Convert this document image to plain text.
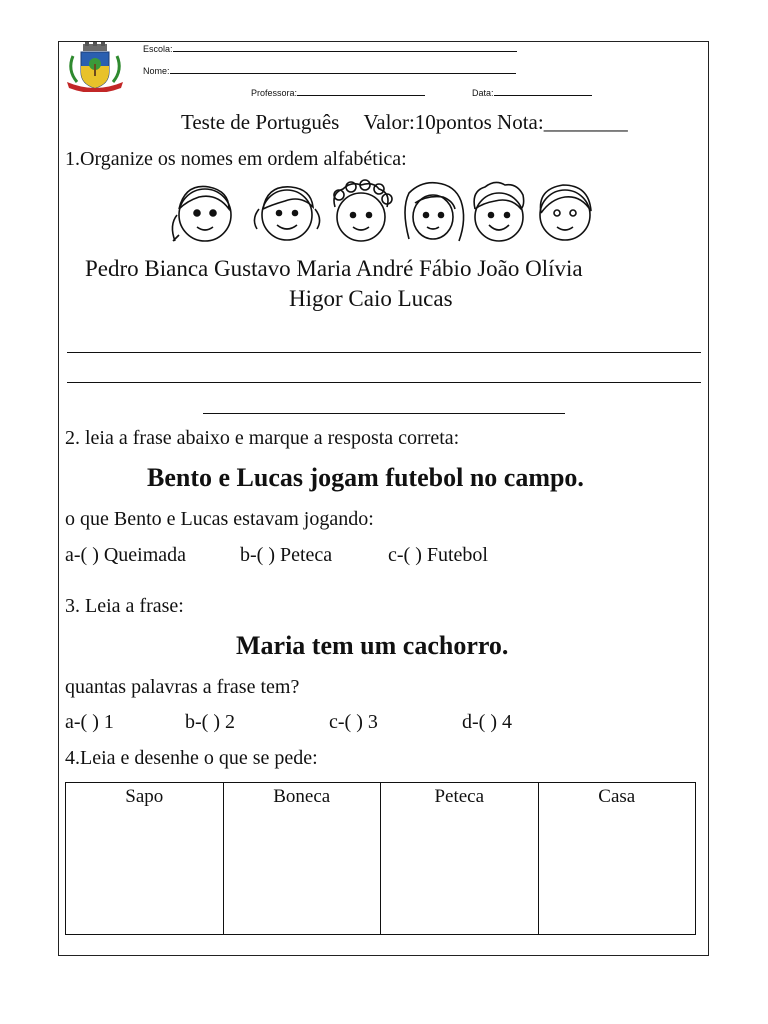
Escola:
Nome:
Professora:	Data:
Teste de Português Valor:10pontos Nota:________
1.Organize os nomes em ordem alfabética:
Pedro Bianca Gustavo Maria André Fábio João Olívia
Higor Caio Lucas
2. leia a frase abaixo e marque a resposta correta:
Bento e Lucas jogam futebol no campo.
o que Bento e Lucas estavam jogando:
a-( ) Queimada	b-( ) Peteca	c-( ) Futebol
3. Leia a frase:
Maria tem um cachorro.
quantas palavras a frase tem?
a-( ) 1	b-( ) 2	c-( ) 3	d-( ) 4
4.Leia e desenhe o que se pede:
Sapo	Boneca	Peteca	Casa
